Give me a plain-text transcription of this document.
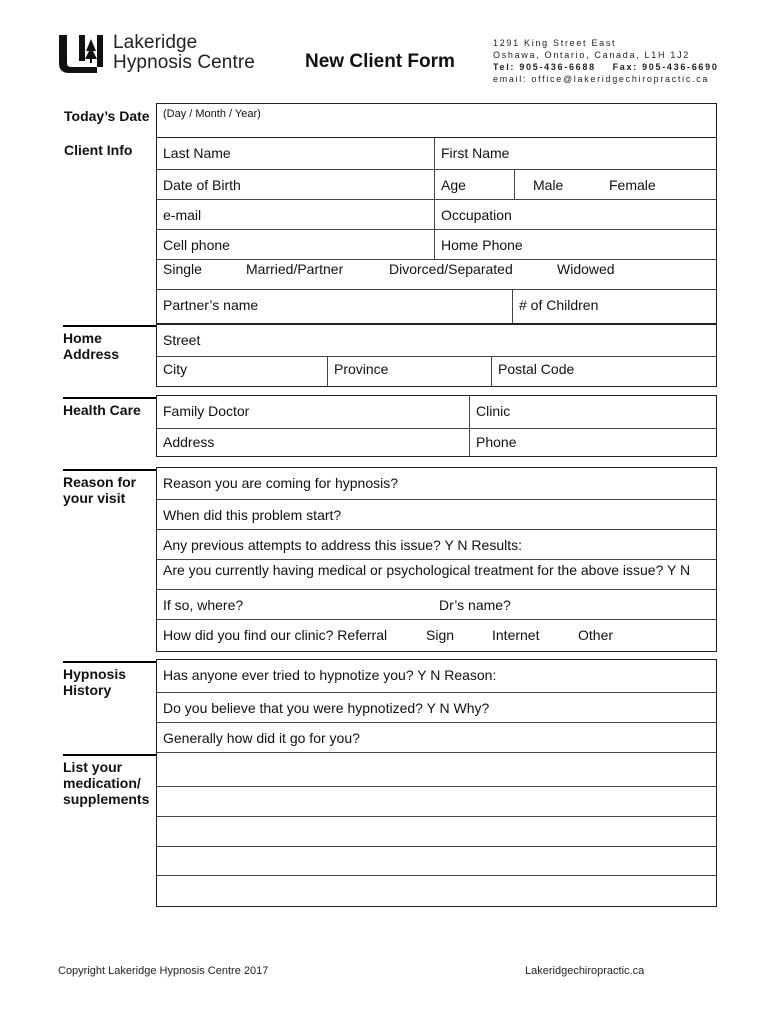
Lakeridge
Hypnosis Centre	New Client Form
1291 King Street East
Oshawa, Ontario, Canada, L1H 1J2
Tel: 905-436-6688 Fax: 905-436-6690
email: office@lakeridgechiropractic.ca
Today’s Date	(Day / Month / Year)
Client Info	Last Name	First Name
Date of Birth	Age	Male	Female
e-mail	Occupation
Cell phone	Home Phone
Single	Married/Partner	Divorced/Separated	Widowed
Partner’s name	# of Children
Home
Address
Street
City	Province	Postal Code
Health Care	Family Doctor	Clinic
Address	Phone
Reason for
your visit
Reason you are coming for hypnosis?
When did this problem start?
Any previous attempts to address this issue? Y N Results:
Are you currently having medical or psychological treatment for the above issue? Y N
If so, where?	Dr’s name?
How did you find our clinic? Referral	Sign	Internet	Other
Hypnosis
History
List your
medication/
supplements
Has anyone ever tried to hypnotize you? Y N Reason:
Do you believe that you were hypnotized? Y N Why?
Generally how did it go for you?
Copyright Lakeridge Hypnosis Centre 2017	Lakeridgechiropractic.ca
